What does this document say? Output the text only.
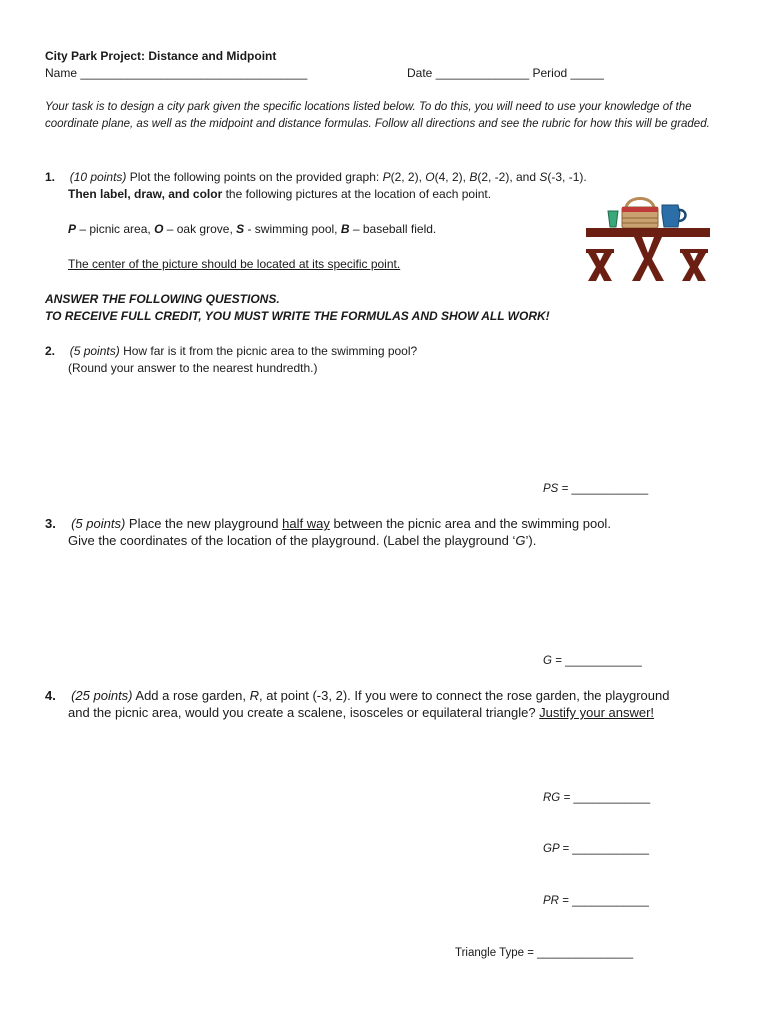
City Park Project: Distance and Midpoint
Name __________________________________	Date ______________ Period _____
Your task is to design a city park given the specific locations listed below. To do this, you will need to use your knowledge of the coordinate plane, as well as the midpoint and distance formulas. Follow all directions and see the rubric for how this will be graded.
1. (10 points) Plot the following points on the provided graph: P(2, 2), O(4, 2), B(2, -2), and S(-3, -1).
Then label, draw, and color the following pictures at the location of each point.
P – picnic area, O – oak grove, S - swimming pool, B – baseball field.
The center of the picture should be located at its specific point.
ANSWER THE FOLLOWING QUESTIONS.
TO RECEIVE FULL CREDIT, YOU MUST WRITE THE FORMULAS AND SHOW ALL WORK!
2. (5 points) How far is it from the picnic area to the swimming pool?
(Round your answer to the nearest hundredth.)
PS = ____________
3. (5 points) Place the new playground half way between the picnic area and the swimming pool.
Give the coordinates of the location of the playground. (Label the playground ‘G’).
G = ____________
4. (25 points) Add a rose garden, R, at point (-3, 2). If you were to connect the rose garden, the playground
and the picnic area, would you create a scalene, isosceles or equilateral triangle? Justify your answer!
RG = ____________
GP = ____________
PR = ____________
Triangle Type = _______________
